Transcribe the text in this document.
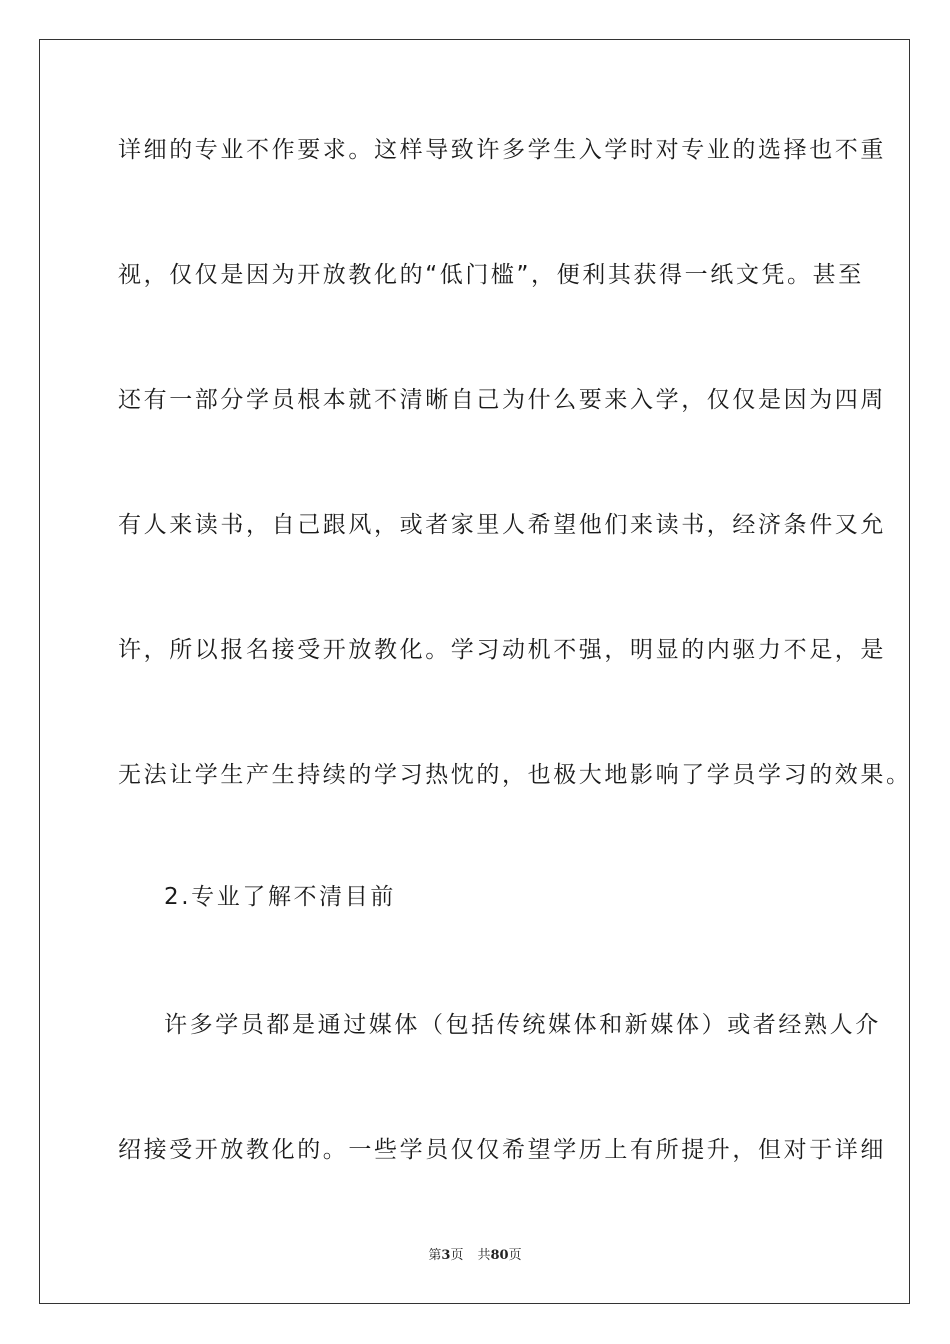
详细的专业不作要求。这样导致许多学生入学时对专业的选择也不重
视，仅仅是因为开放教化的“低门槛”，便利其获得一纸文凭。甚至
还有一部分学员根本就不清晰自己为什么要来入学，仅仅是因为四周
有人来读书，自己跟风，或者家里人希望他们来读书，经济条件又允
许，所以报名接受开放教化。学习动机不强，明显的内驱力不足，是
无法让学生产生持续的学习热忱的，也极大地影响了学员学习的效果。
2.专业了解不清目前
许多学员都是通过媒体（包括传统媒体和新媒体）或者经熟人介
绍接受开放教化的。一些学员仅仅希望学历上有所提升，但对于详细
第3页 共80页
